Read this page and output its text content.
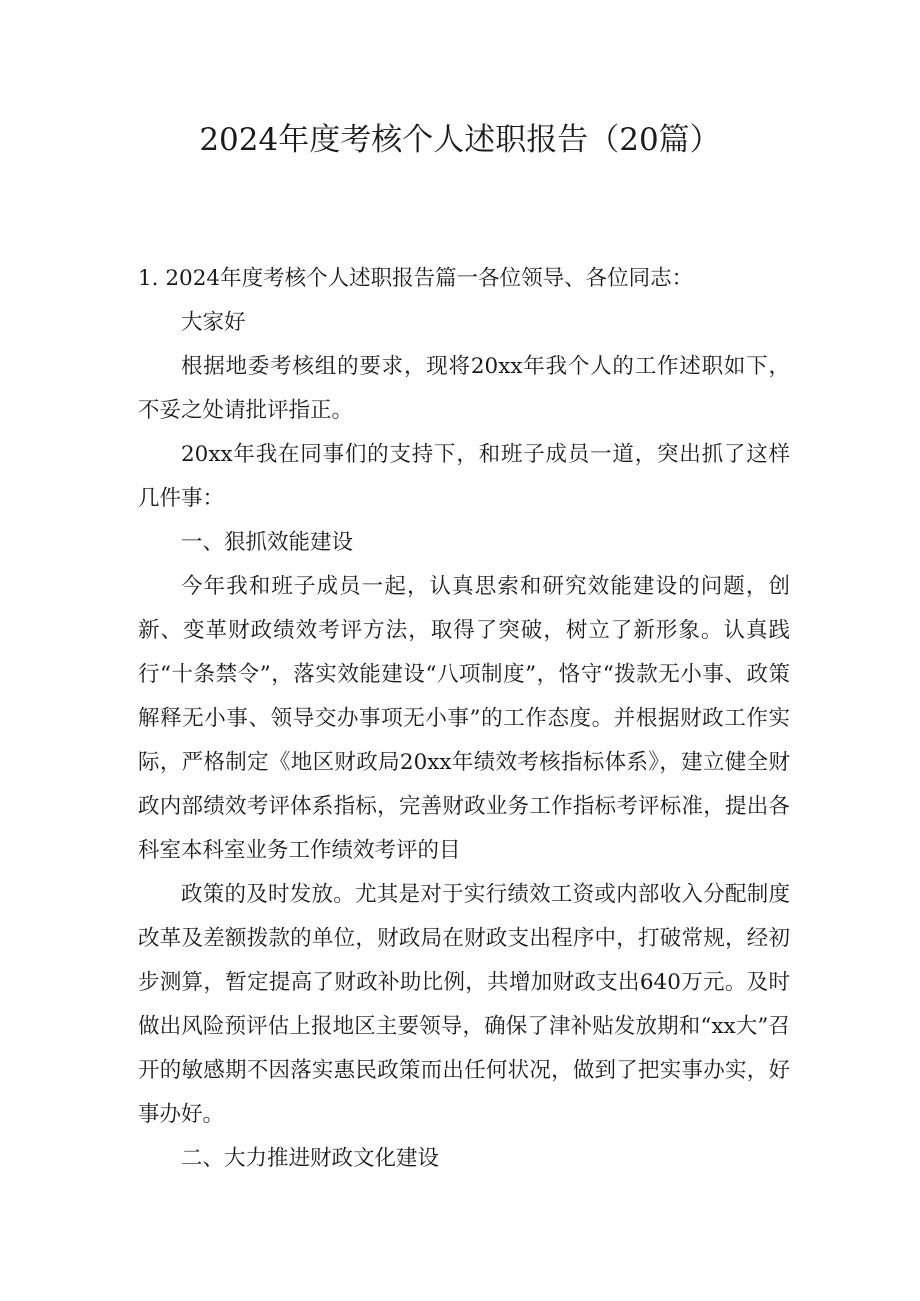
2024年度考核个人述职报告（20篇）

1. 2024年度考核个人述职报告篇一各位领导、各位同志：

大家好

根据地委考核组的要求，现将20xx年我个人的工作述职如下，不妥之处请批评指正。

20xx年我在同事们的支持下，和班子成员一道，突出抓了这样几件事：

一、狠抓效能建设

今年我和班子成员一起，认真思索和研究效能建设的问题，创新、变革财政绩效考评方法，取得了突破，树立了新形象。认真践行“十条禁令”，落实效能建设“八项制度”，恪守“拨款无小事、政策解释无小事、领导交办事项无小事”的工作态度。并根据财政工作实际，严格制定《地区财政局20xx年绩效考核指标体系》，建立健全财政内部绩效考评体系指标，完善财政业务工作指标考评标准，提出各科室本科室业务工作绩效考评的目

政策的及时发放。尤其是对于实行绩效工资或内部收入分配制度改革及差额拨款的单位，财政局在财政支出程序中，打破常规，经初步测算，暂定提高了财政补助比例，共增加财政支出640万元。及时做出风险预评估上报地区主要领导，确保了津补贴发放期和“xx大”召开的敏感期不因落实惠民政策而出任何状况，做到了把实事办实，好事办好。

二、大力推进财政文化建设
